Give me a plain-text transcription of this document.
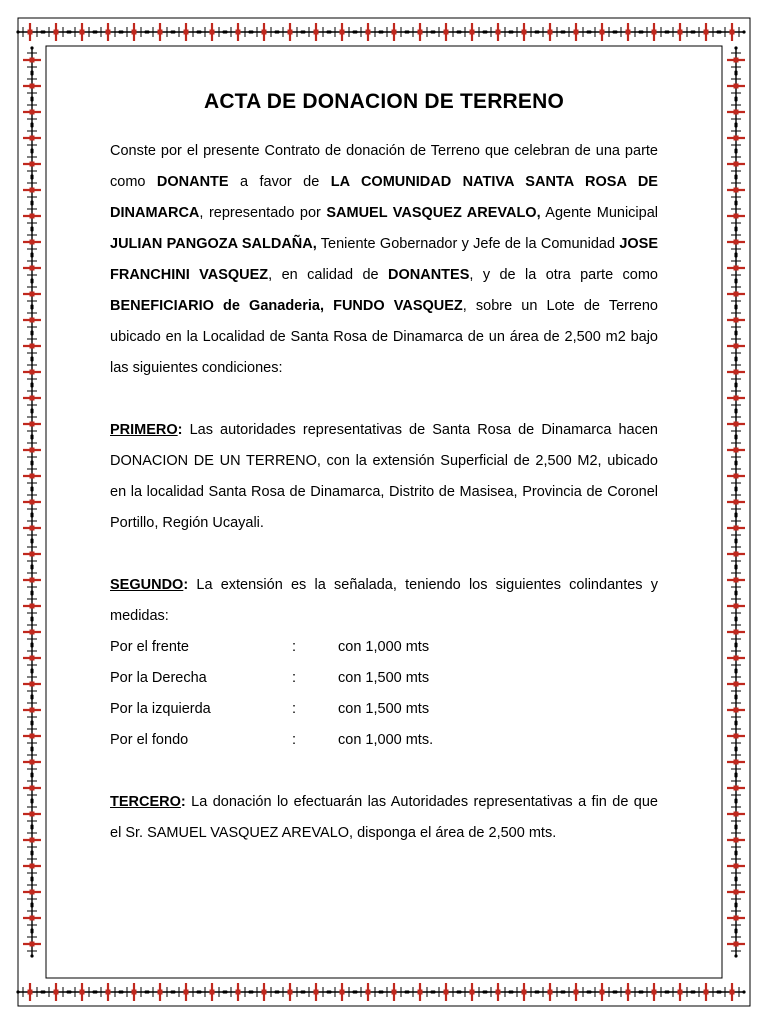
ACTA DE DONACION DE TERRENO

Conste por el presente Contrato de donación de Terreno que celebran de una parte como DONANTE a favor de LA COMUNIDAD NATIVA SANTA ROSA DE DINAMARCA, representado por SAMUEL VASQUEZ AREVALO, Agente Municipal JULIAN PANGOZA SALDAÑA, Teniente Gobernador y Jefe de la Comunidad JOSE FRANCHINI VASQUEZ, en calidad de DONANTES, y de la otra parte como BENEFICIARIO de Ganaderia, FUNDO VASQUEZ, sobre un Lote de Terreno ubicado en la Localidad de Santa Rosa de Dinamarca de un área de 2,500 m2 bajo las siguientes condiciones:

PRIMERO: Las autoridades representativas de Santa Rosa de Dinamarca hacen DONACION DE UN TERRENO, con la extensión Superficial de 2,500 M2, ubicado en la localidad Santa Rosa de Dinamarca, Distrito de Masisea, Provincia de Coronel Portillo, Región Ucayali.

SEGUNDO: La extensión es la señalada, teniendo los siguientes colindantes y medidas:

Por el frente	:	con 1,000 mts
Por la Derecha	:	con 1,500 mts
Por la izquierda	:	con 1,500 mts
Por el fondo	:	con 1,000 mts.

TERCERO: La donación lo efectuarán las Autoridades representativas a fin de que el Sr. SAMUEL VASQUEZ AREVALO, disponga el área de 2,500 mts.
